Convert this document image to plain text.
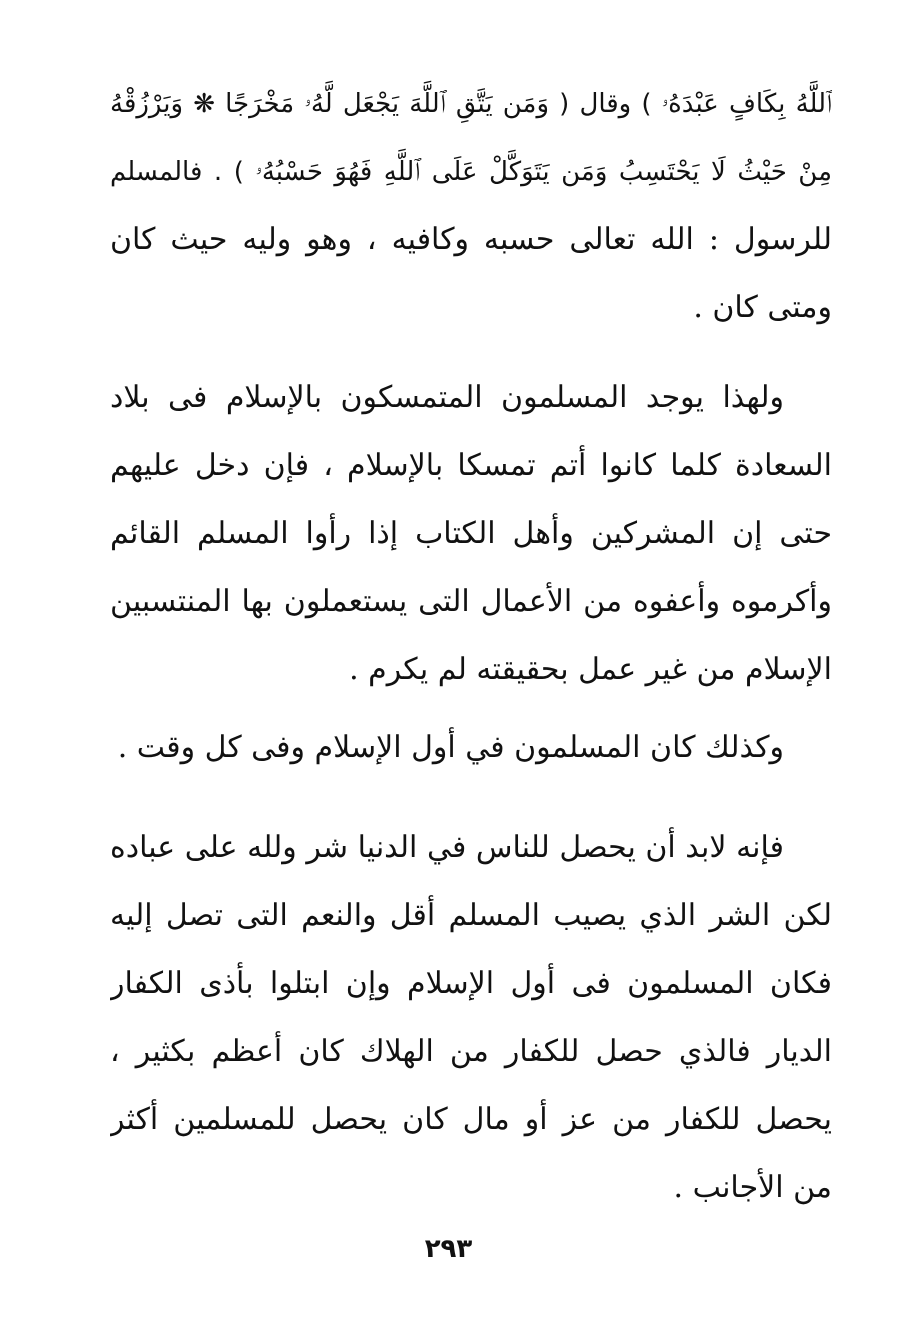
ٱللَّهُ بِكَافٍ عَبْدَهُۥ ) وقال ( وَمَن يَتَّقِ ٱللَّهَ يَجْعَل لَّهُۥ مَخْرَجًا ❋ وَيَرْزُقْهُ
مِنْ حَيْثُ لَا يَحْتَسِبُ وَمَن يَتَوَكَّلْ عَلَى ٱللَّهِ فَهُوَ حَسْبُهُۥ ) . فالمسلم
للرسول : الله تعالى حسبه وكافيه ، وهو وليه حيث كان
ومتى كان .
ولهذا يوجد المسلمون المتمسكون بالإسلام فى بلاد
السعادة كلما كانوا أتم تمسكا بالإسلام ، فإن دخل عليهم
حتى إن المشركين وأهل الكتاب إذا رأوا المسلم القائم
وأكرموه وأعفوه من الأعمال التى يستعملون بها المنتسبين
الإسلام من غير عمل بحقيقته لم يكرم .
وكذلك كان المسلمون في أول الإسلام وفى كل وقت .
فإنه لابد أن يحصل للناس في الدنيا شر ولله على عباده
لكن الشر الذي يصيب المسلم أقل والنعم التى تصل إليه
فكان المسلمون فى أول الإسلام وإن ابتلوا بأذى الكفار
الديار فالذي حصل للكفار من الهلاك كان أعظم بكثير ،
يحصل للكفار من عز أو مال كان يحصل للمسلمين أكثر
من الأجانب .
٢٩٣
